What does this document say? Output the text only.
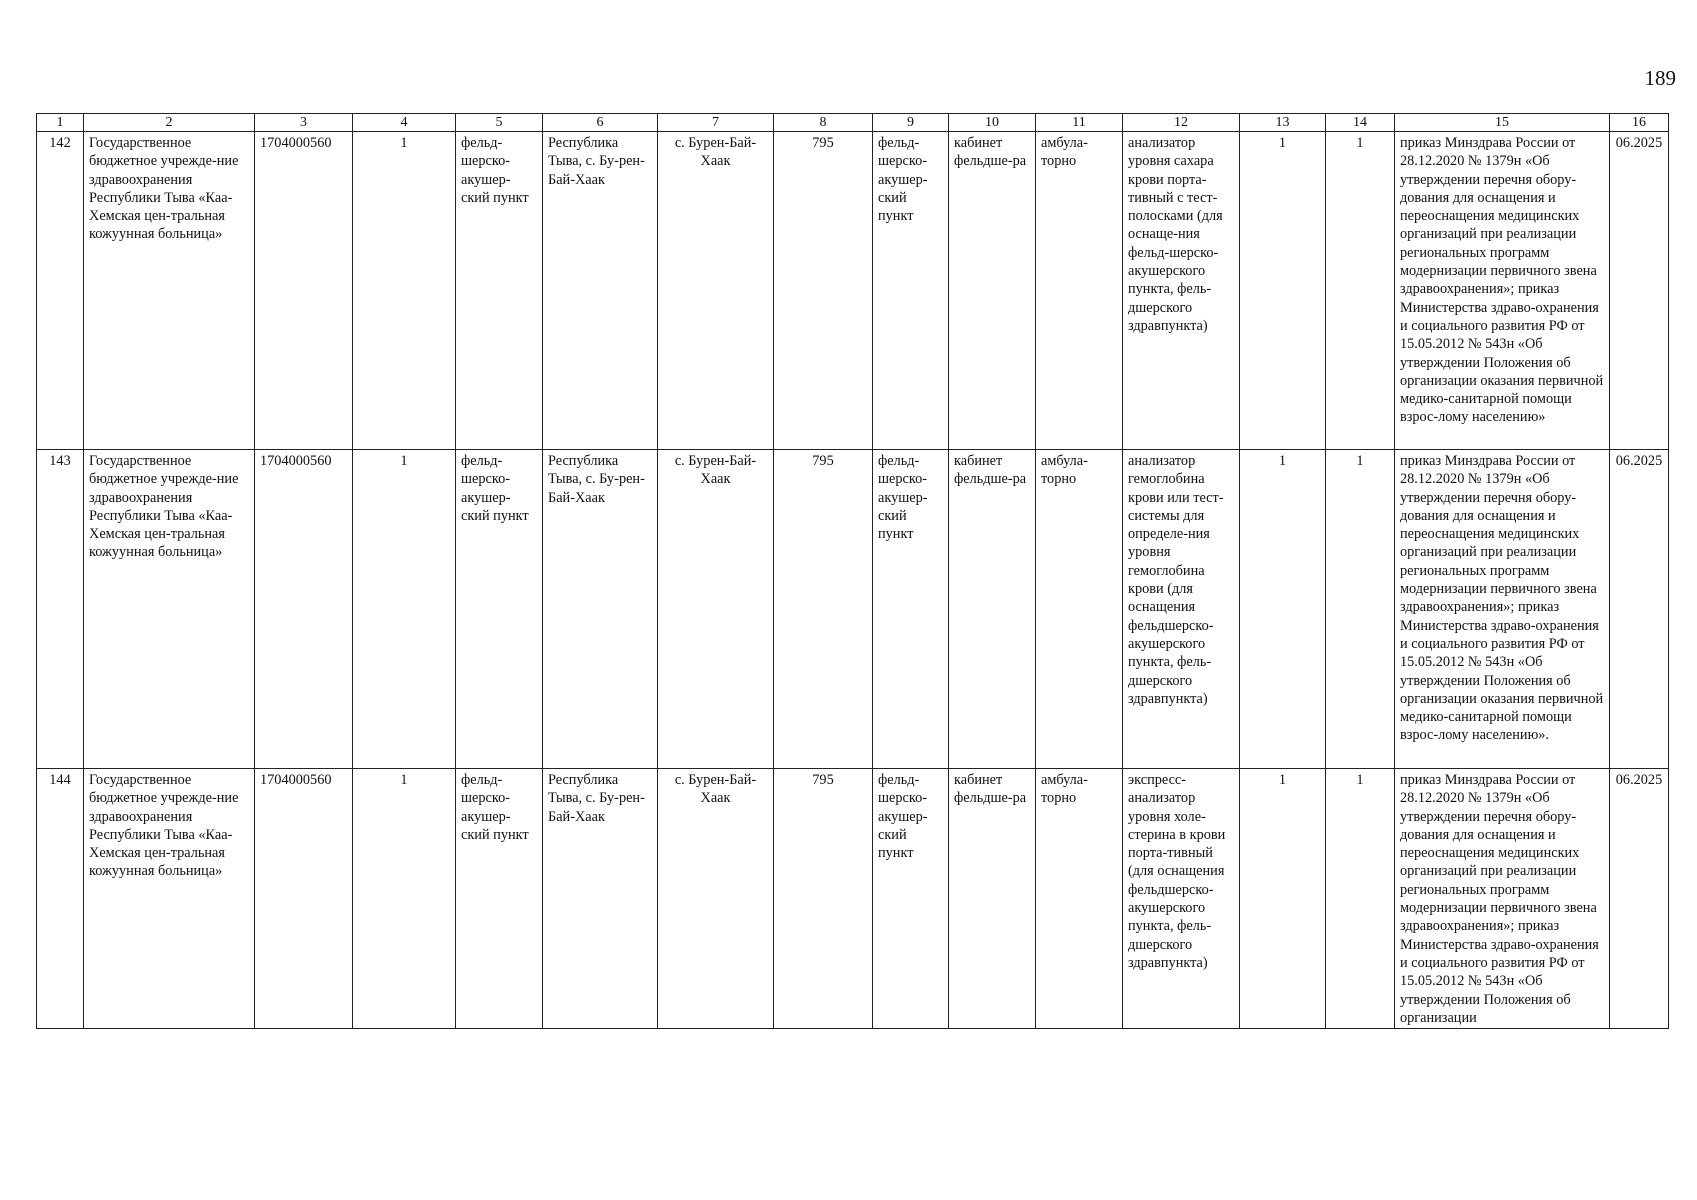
189
1	2	3	4	5	6	7	8	9	10	11	12	13	14	15	16
142	Государственное бюджетное учрежде-ние здравоохранения Республики Тыва «Каа-Хемская цен-тральная кожуунная больница»	1704000560	1	фельд-шерско-акушер-ский пункт	Республика Тыва, с. Бу-рен-Бай-Хаак	с. Бурен-Бай-Хаак	795	фельд-шерско-акушер-ский пункт	кабинет фельдше-ра	амбула-торно	анализатор уровня сахара крови порта-тивный с тест-полосками (для оснаще-ния фельд-шерско-акушерского пункта, фель-дшерского здравпункта)	1	1	приказ Минздрава России от 28.12.2020 № 1379н «Об утверждении перечня обору-дования для оснащения и переоснащения медицинских организаций при реализации региональных программ модернизации первичного звена здравоохранения»; приказ Министерства здраво-охранения и социального развития РФ от 15.05.2012 № 543н «Об утверждении Положения об организации оказания первичной медико-санитарной помощи взрос-лому населению»	06.2025
143	Государственное бюджетное учрежде-ние здравоохранения Республики Тыва «Каа-Хемская цен-тральная кожуунная больница»	1704000560	1	фельд-шерско-акушер-ский пункт	Республика Тыва, с. Бу-рен-Бай-Хаак	с. Бурен-Бай-Хаак	795	фельд-шерско-акушер-ский пункт	кабинет фельдше-ра	амбула-торно	анализатор гемоглобина крови или тест-системы для определе-ния уровня гемоглобина крови (для оснащения фельдшерско-акушерского пункта, фель-дшерского здравпункта)	1	1	приказ Минздрава России от 28.12.2020 № 1379н «Об утверждении перечня обору-дования для оснащения и переоснащения медицинских организаций при реализации региональных программ модернизации первичного звена здравоохранения»; приказ Министерства здраво-охранения и социального развития РФ от 15.05.2012 № 543н «Об утверждении Положения об организации оказания первичной медико-санитарной помощи взрос-лому населению».	06.2025
144	Государственное бюджетное учрежде-ние здравоохранения Республики Тыва «Каа-Хемская цен-тральная кожуунная больница»	1704000560	1	фельд-шерско-акушер-ский пункт	Республика Тыва, с. Бу-рен-Бай-Хаак	с. Бурен-Бай-Хаак	795	фельд-шерско-акушер-ский пункт	кабинет фельдше-ра	амбула-торно	экспресс-анализатор уровня холе-стерина в крови порта-тивный (для оснащения фельдшерско-акушерского пункта, фель-дшерского здравпункта)	1	1	приказ Минздрава России от 28.12.2020 № 1379н «Об утверждении перечня обору-дования для оснащения и переоснащения медицинских организаций при реализации региональных программ модернизации первичного звена здравоохранения»; приказ Министерства здраво-охранения и социального развития РФ от 15.05.2012 № 543н «Об утверждении Положения об организации	06.2025
